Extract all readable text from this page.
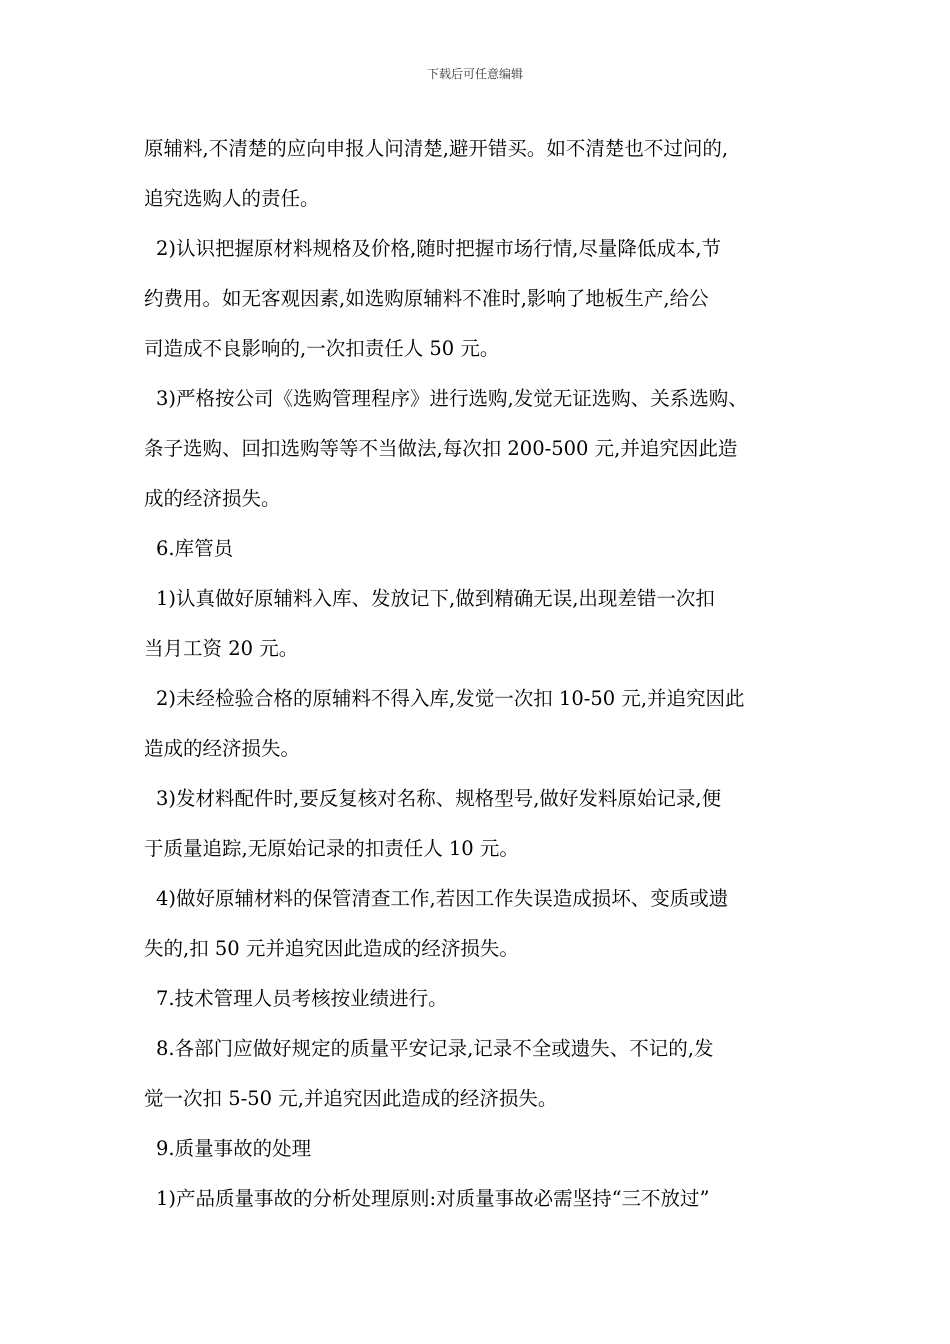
下载后可任意编辑
原辅料,不清楚的应向申报人问清楚,避开错买。如不清楚也不过问的,
追究选购人的责任。
2)认识把握原材料规格及价格,随时把握市场行情,尽量降低成本,节
约费用。如无客观因素,如选购原辅料不准时,影响了地板生产,给公
司造成不良影响的,一次扣责任人 50 元。
3)严格按公司《选购管理程序》进行选购,发觉无证选购、关系选购、
条子选购、回扣选购等等不当做法,每次扣 200-500 元,并追究因此造
成的经济损失。
6.库管员
1)认真做好原辅料入库、发放记下,做到精确无误,出现差错一次扣
当月工资 20 元。
2)未经检验合格的原辅料不得入库,发觉一次扣 10-50 元,并追究因此
造成的经济损失。
3)发材料配件时,要反复核对名称、规格型号,做好发料原始记录,便
于质量追踪,无原始记录的扣责任人 10 元。
4)做好原辅材料的保管清查工作,若因工作失误造成损坏、变质或遗
失的,扣 50 元并追究因此造成的经济损失。
7.技术管理人员考核按业绩进行。
8.各部门应做好规定的质量平安记录,记录不全或遗失、不记的,发
觉一次扣 5-50 元,并追究因此造成的经济损失。
9.质量事故的处理
1)产品质量事故的分析处理原则:对质量事故必需坚持“三不放过”
